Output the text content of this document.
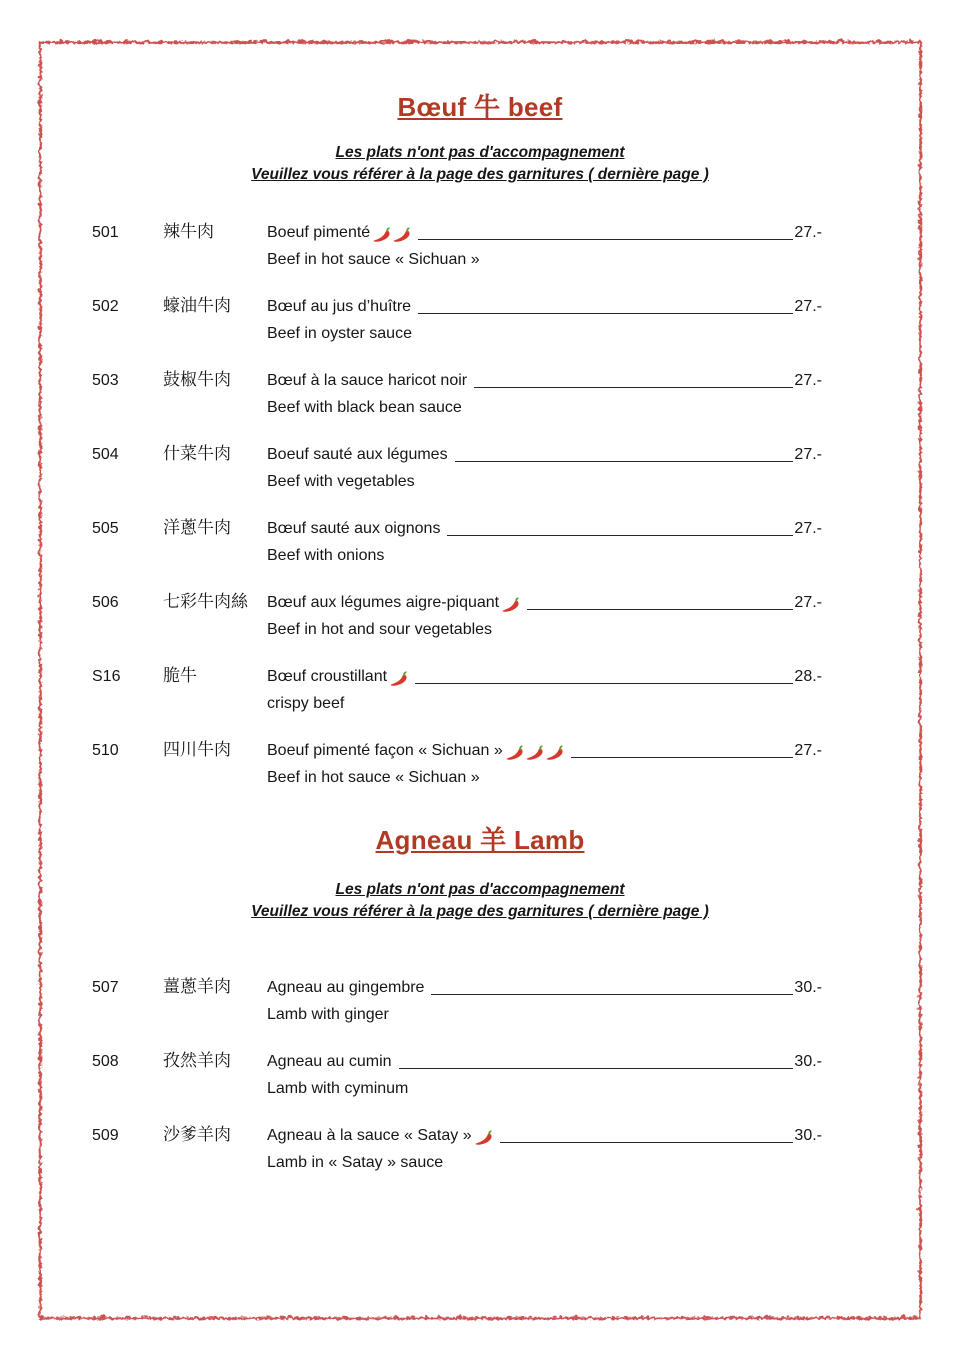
Bœuf 牛 beef
Les plats n'ont pas d'accompagnement
Veuillez vous référer à la page des garnitures ( dernière page )
501	辣牛肉	Boeuf pimenté	27.-
Beef in hot sauce « Sichuan »
502	蠔油牛肉	Bœuf au jus d’huître	27.-
Beef in oyster sauce
503	鼓椒牛肉	Bœuf à la sauce haricot noir	27.-
Beef with black bean sauce
504	什菜牛肉	Boeuf sauté aux légumes	27.-
Beef with vegetables
505	洋蔥牛肉	Bœuf sauté aux oignons	27.-
Beef with onions
506	七彩牛肉絲	Bœuf aux légumes aigre-piquant	27.-
Beef in hot and sour vegetables
S16	脆牛	Bœuf croustillant	28.-
crispy beef
510	四川牛肉	Boeuf pimenté façon « Sichuan »	27.-
Beef in hot sauce « Sichuan »
Agneau 羊 Lamb
Les plats n'ont pas d'accompagnement
Veuillez vous référer à la page des garnitures ( dernière page )
507	薑蔥羊肉	Agneau au gingembre	30.-
Lamb with ginger
508	孜然羊肉	Agneau au cumin	30.-
Lamb with cyminum
509	沙爹羊肉	Agneau à la sauce « Satay »	30.-
Lamb in « Satay » sauce
